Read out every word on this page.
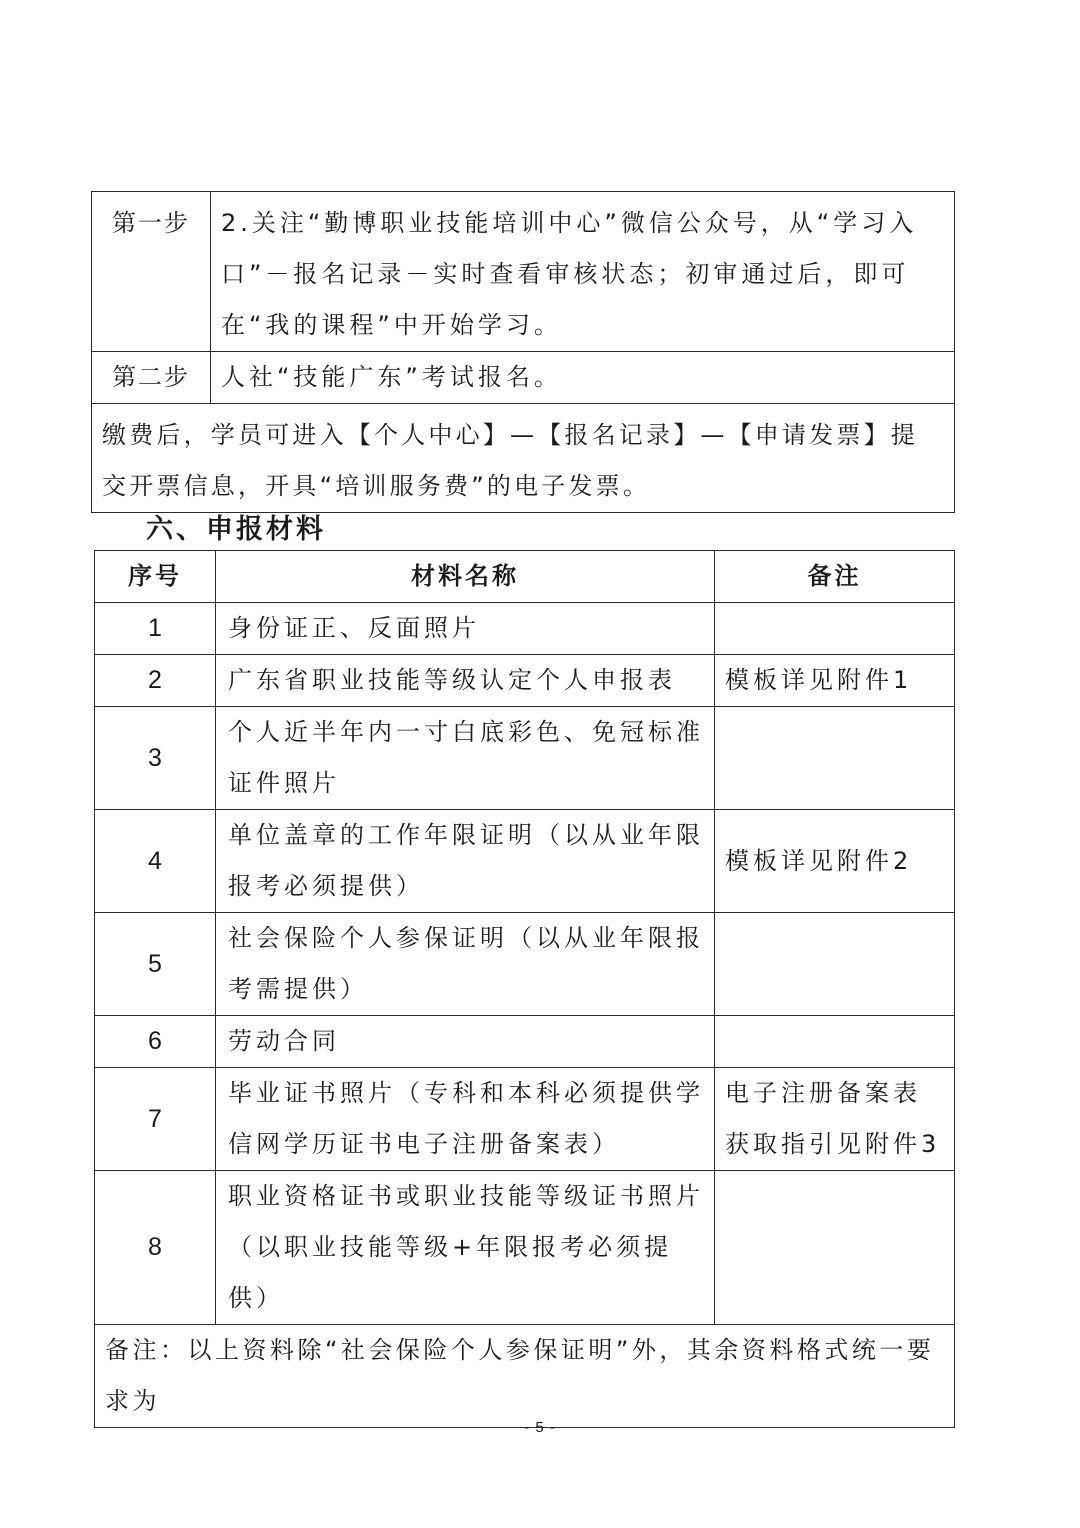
第一步	2.关注“勤博职业技能培训中心”微信公众号，从“学习入口”－报名记录－实时查看审核状态；初审通过后，即可在“我的课程”中开始学习。

第二步	人社“技能广东”考试报名。
缴费后，学员可进入【个人中心】—【报名记录】—【申请发票】提交开票信息，开具“培训服务费”的电子发票。	
六、申报材料
序号	材料名称	备注
1	身份证正、反面照片	
2	广东省职业技能等级认定个人申报表	模板详见附件1
3	个人近半年内一寸白底彩色、免冠标准证件照片	
4	单位盖章的工作年限证明（以从业年限报考必须提供）	模板详见附件2
5	社会保险个人参保证明（以从业年限报考需提供）	
6	劳动合同	
7	毕业证书照片（专科和本科必须提供学信网学历证书电子注册备案表）	电子注册备案表获取指引见附件3
8	职业资格证书或职业技能等级证书照片（以职业技能等级+年限报考必须提供）	
备注：以上资料除“社会保险个人参保证明”外，其余资料格式统一要求为		
- 5 -
